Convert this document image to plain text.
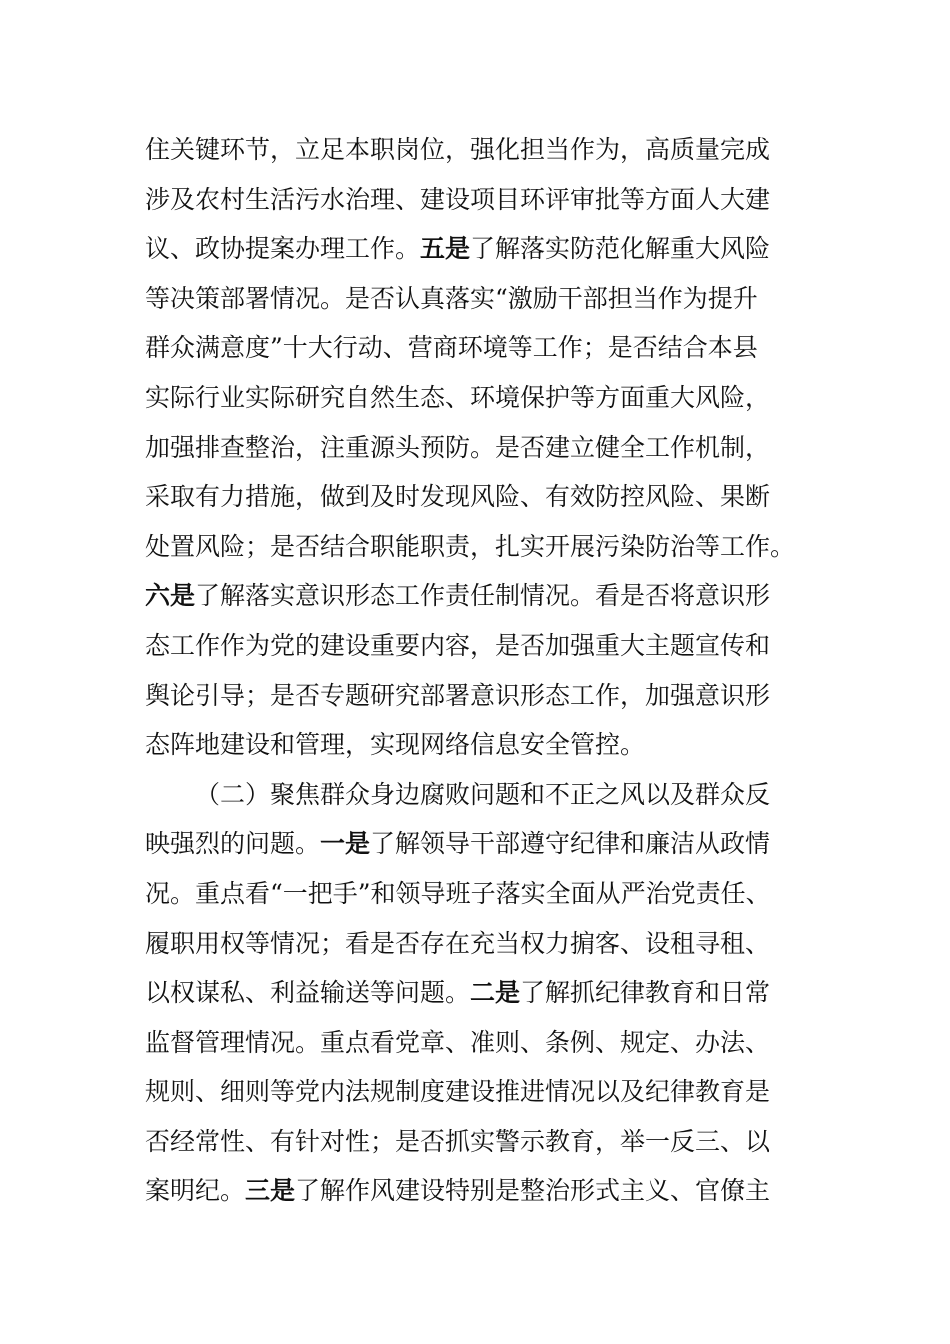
住关键环节，立足本职岗位，强化担当作为，高质量完成
涉及农村生活污水治理、建设项目环评审批等方面人大建
议、政协提案办理工作。五是了解落实防范化解重大风险
等决策部署情况。是否认真落实“激励干部担当作为提升
群众满意度”十大行动、营商环境等工作；是否结合本县
实际行业实际研究自然生态、环境保护等方面重大风险，
加强排查整治，注重源头预防。是否建立健全工作机制，
采取有力措施，做到及时发现风险、有效防控风险、果断
处置风险；是否结合职能职责，扎实开展污染防治等工作。
六是了解落实意识形态工作责任制情况。看是否将意识形
态工作作为党的建设重要内容，是否加强重大主题宣传和
舆论引导；是否专题研究部署意识形态工作，加强意识形
态阵地建设和管理，实现网络信息安全管控。
（二）聚焦群众身边腐败问题和不正之风以及群众反
映强烈的问题。一是了解领导干部遵守纪律和廉洁从政情
况。重点看“一把手”和领导班子落实全面从严治党责任、
履职用权等情况；看是否存在充当权力掮客、设租寻租、
以权谋私、利益输送等问题。二是了解抓纪律教育和日常
监督管理情况。重点看党章、准则、条例、规定、办法、
规则、细则等党内法规制度建设推进情况以及纪律教育是
否经常性、有针对性；是否抓实警示教育，举一反三、以
案明纪。三是了解作风建设特别是整治形式主义、官僚主
